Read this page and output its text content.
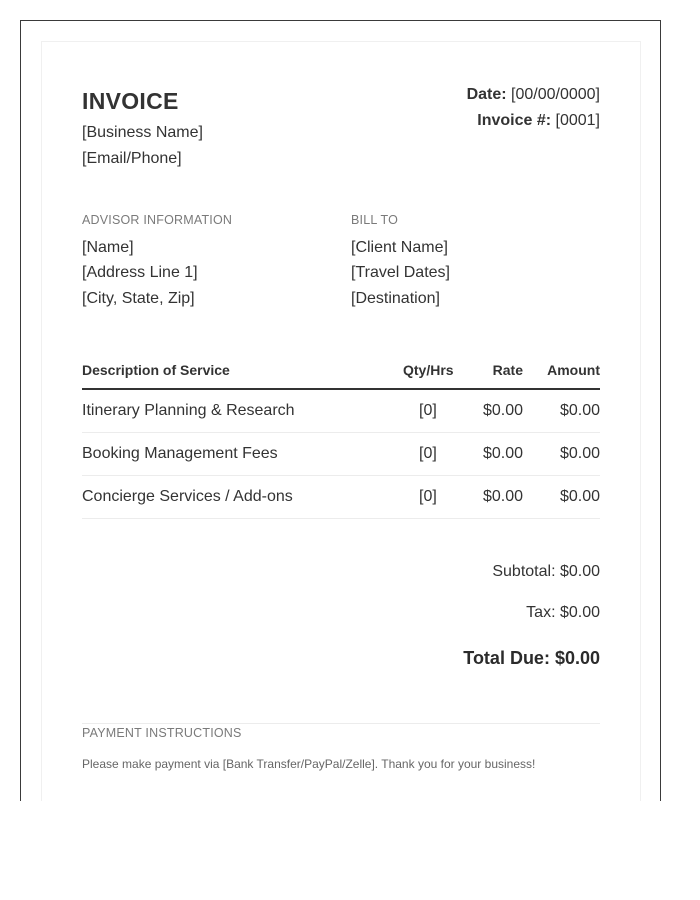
INVOICE
[Business Name]
[Email/Phone]
Date: [00/00/0000]
Invoice #: [0001]
ADVISOR INFORMATION
[Name]
[Address Line 1]
[City, State, Zip]
BILL TO
[Client Name]
[Travel Dates]
[Destination]
Description of Service	Qty/Hrs	Rate Amount
Itinerary Planning & Research	[0]	$0.00 $0.00
Booking Management Fees	[0]	$0.00 $0.00
Concierge Services / Add-ons	[0]	$0.00 $0.00
Subtotal: $0.00
Tax: $0.00
Total Due: $0.00
PAYMENT INSTRUCTIONS
Please make payment via [Bank Transfer/PayPal/Zelle]. Thank you for your business!
